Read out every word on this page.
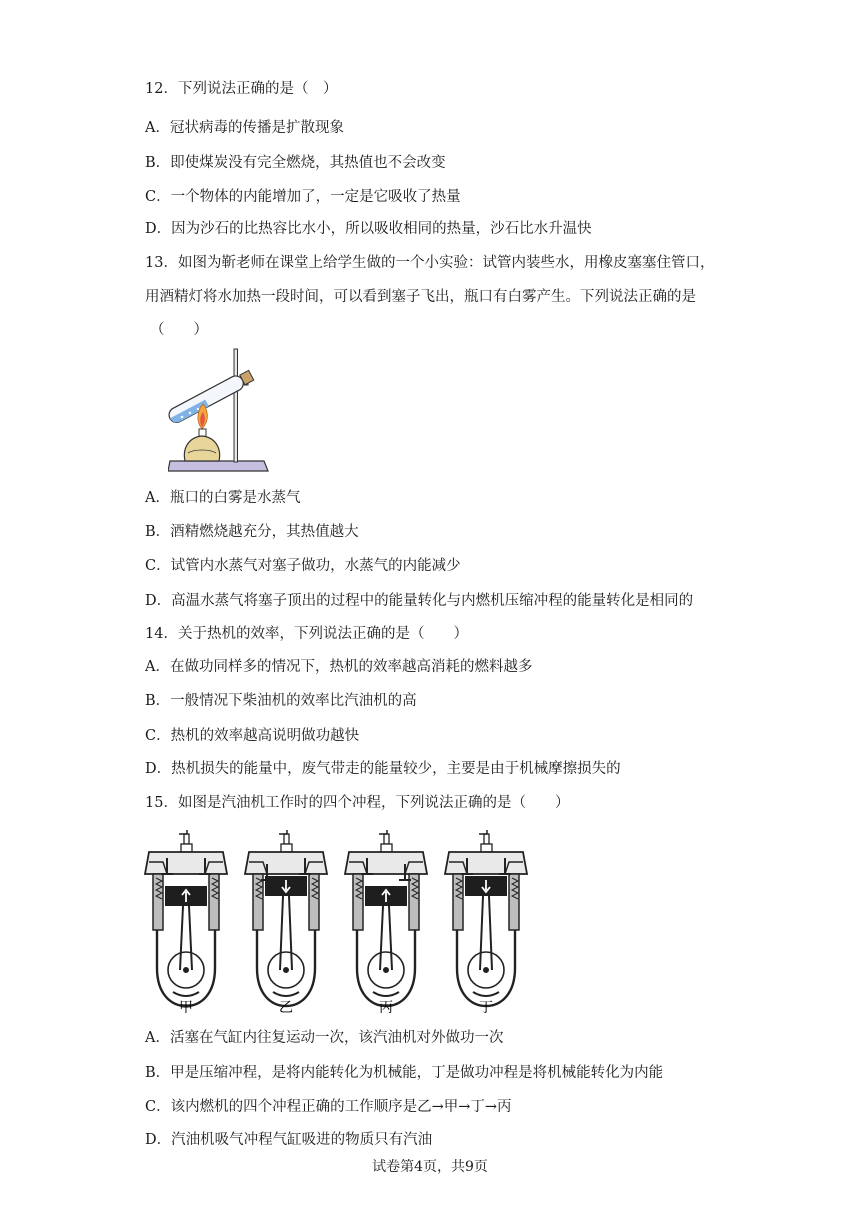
12．下列说法正确的是（　）
A．冠状病毒的传播是扩散现象
B．即使煤炭没有完全燃烧，其热值也不会改变
C．一个物体的内能增加了，一定是它吸收了热量
D．因为沙石的比热容比水小，所以吸收相同的热量，沙石比水升温快
13．如图为靳老师在课堂上给学生做的一个小实验：试管内装些水，用橡皮塞塞住管口，
用酒精灯将水加热一段时间，可以看到塞子飞出，瓶口有白雾产生。下列说法正确的是
（　　）
A．瓶口的白雾是水蒸气
B．酒精燃烧越充分，其热值越大
C．试管内水蒸气对塞子做功，水蒸气的内能减少
D．高温水蒸气将塞子顶出的过程中的能量转化与内燃机压缩冲程的能量转化是相同的
14．关于热机的效率，下列说法正确的是（　　）
A．在做功同样多的情况下，热机的效率越高消耗的燃料越多
B．一般情况下柴油机的效率比汽油机的高
C．热机的效率越高说明做功越快
D．热机损失的能量中，废气带走的能量较少，主要是由于机械摩擦损失的
15．如图是汽油机工作时的四个冲程，下列说法正确的是（　　）
甲	乙	丙	丁
A．活塞在气缸内往复运动一次，该汽油机对外做功一次
B．甲是压缩冲程，是将内能转化为机械能，丁是做功冲程是将机械能转化为内能
C．该内燃机的四个冲程正确的工作顺序是乙→甲→丁→丙
D．汽油机吸气冲程气缸吸进的物质只有汽油
试卷第4页，共9页
